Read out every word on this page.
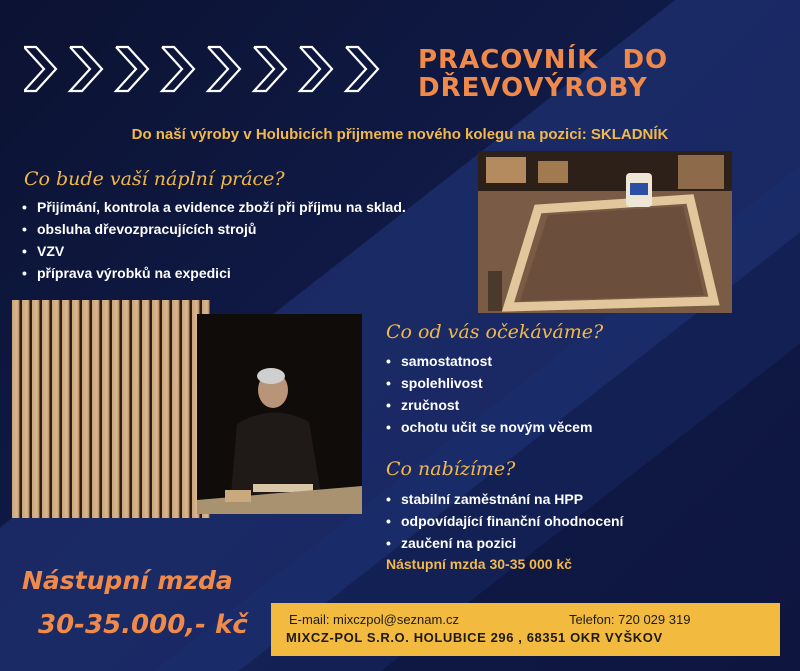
PRACOVNÍK DO DŘEVOVÝROBY
Do naší výroby v Holubicích přijmeme nového kolegu na pozici: SKLADNÍK
Co bude vaší náplní práce?
• Přijímání, kontrola a evidence zboží při příjmu na sklad.
• obsluha dřevozpracujících strojů
• VZV
• příprava výrobků na expedici
Co od vás očekáváme?
• samostatnost
• spolehlivost
• zručnost
• ochotu učit se novým věcem
Co nabízíme?
• stabilní zaměstnání na HPP
• odpovídající finanční ohodnocení
• zaučení na pozici
Nástupní mzda 30-35 000 kč
Nástupní mzda
30-35.000,- kč	E-mail: mixczpol@seznam.cz	Telefon: 720 029 319
MIXCZ-POL S.R.O. HOLUBICE 296 , 68351 OKR VYŠKOV
